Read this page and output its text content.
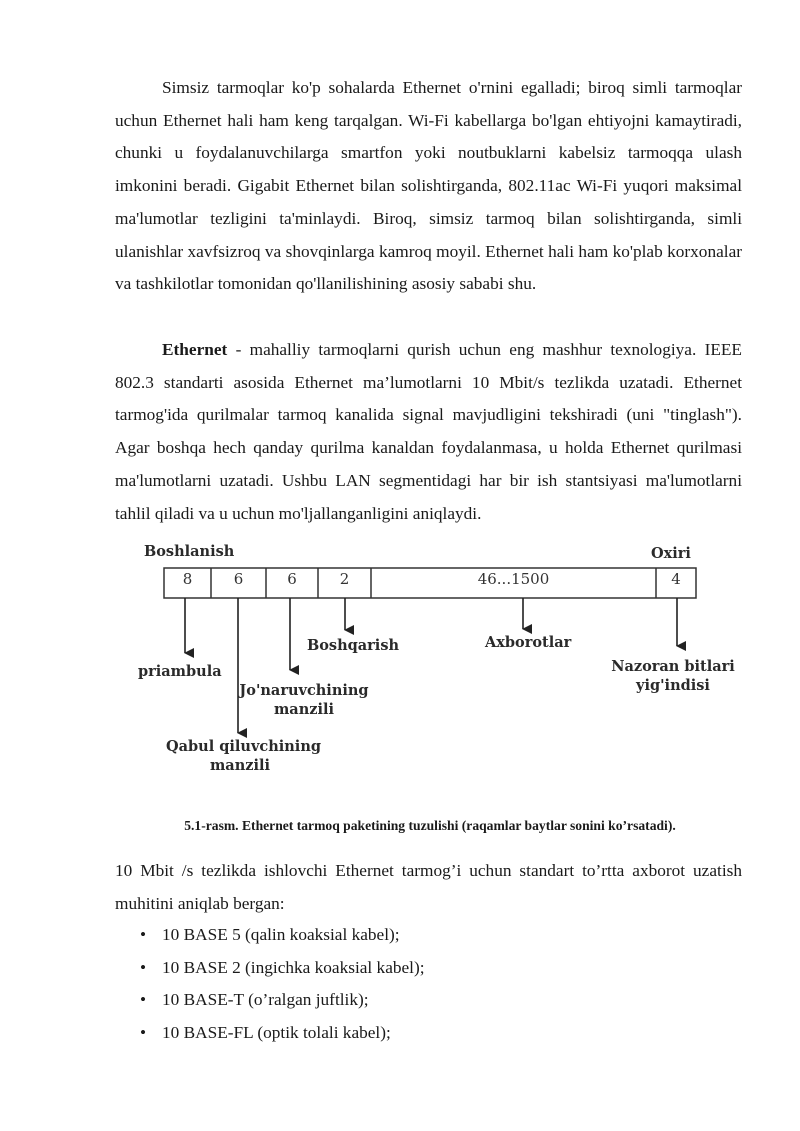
Simsiz tarmoqlar ko'p sohalarda Ethernet o'rnini egalladi; biroq simli tarmoqlar uchun Ethernet hali ham keng tarqalgan. Wi-Fi kabellarga bo'lgan ehtiyojni kamaytiradi, chunki u foydalanuvchilarga smartfon yoki noutbuklarni kabelsiz tarmoqqa ulash imkonini beradi. Gigabit Ethernet bilan solishtirganda, 802.11ac Wi-Fi yuqori maksimal ma'lumotlar tezligini ta'minlaydi. Biroq, simsiz tarmoq bilan solishtirganda, simli ulanishlar xavfsizroq va shovqinlarga kamroq moyil. Ethernet hali ham ko'plab korxonalar va tashkilotlar tomonidan qo'llanilishining asosiy sababi shu.

Ethernet - mahalliy tarmoqlarni qurish uchun eng mashhur texnologiya. IEEE 802.3 standarti asosida Ethernet ma’lumotlarni 10 Mbit/s tezlikda uzatadi. Ethernet tarmog'ida qurilmalar tarmoq kanalida signal mavjudligini tekshiradi (uni "tinglash"). Agar boshqa hech qanday qurilma kanaldan foydalanmasa, u holda Ethernet qurilmasi ma'lumotlarni uzatadi. Ushbu LAN segmentidagi har bir ish stantsiyasi ma'lumotlarni tahlil qiladi va u uchun mo'ljallanganligini aniqlaydi.

Boshlanish	Oxiri
8	6	6	2	46...1500	4
priambula
Boshqarish	Axborotlar
Nazoran bitlari
yig'indisi
Jo'naruvchining
manzili
Qabul qiluvchining
manzili

5.1-rasm. Ethernet tarmoq paketining tuzulishi (raqamlar baytlar sonini ko’rsatadi).

10 Mbit /s tezlikda ishlovchi Ethernet tarmog’i uchun standart to’rtta axborot uzatish muhitini aniqlab bergan:

• 10 BASE 5 (qalin koaksial kabel);
• 10 BASE 2 (ingichka koaksial kabel);
• 10 BASE-T (o’ralgan juftlik);
• 10 BASE-FL (optik tolali kabel);
